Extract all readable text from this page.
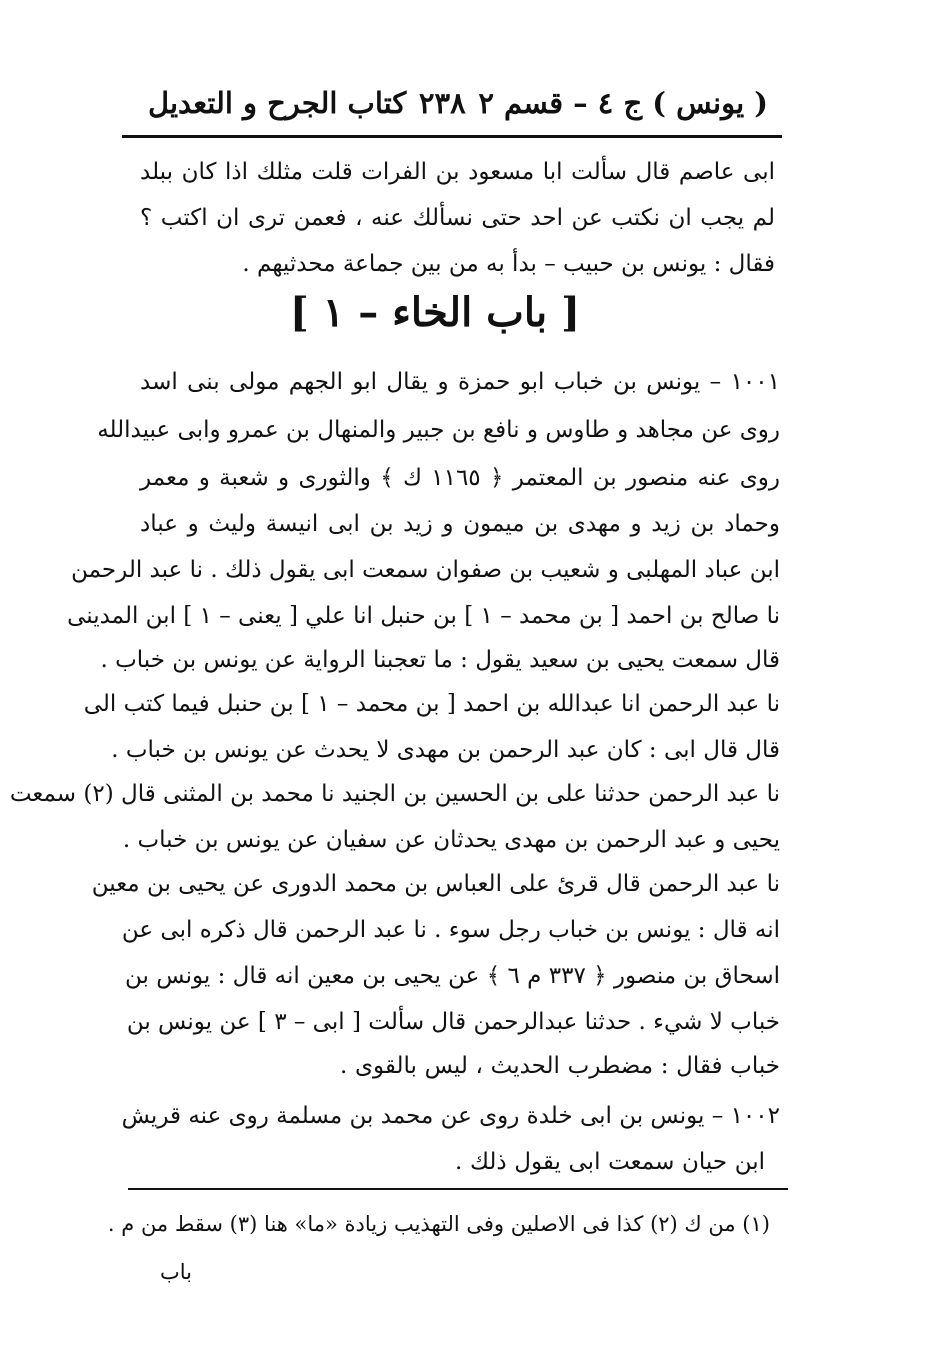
( يونس ) ج ٤ – قسم ٢
٢٣٨
كتاب الجرح و التعديل
ابى عاصم قال سألت ابا مسعود بن الفرات قلت مثلك اذا كان ببلد
لم يجب ان نكتب عن احد حتى نسألك عنه ، فعمن ترى ان اكتب ؟
فقال : يونس بن حبيب – بدأ به من بين جماعة محدثيهم .
[ باب الخاء – ١ ]
١٠٠١ – يونس بن خباب ابو حمزة و يقال ابو الجهم مولى بنى اسد
روى عن مجاهد و طاوس و نافع بن جبير والمنهال بن عمرو وابى عبيدالله
روى عنه منصور بن المعتمر ﴿ ١١٦٥ ك ﴾ والثورى و شعبة و معمر
وحماد بن زيد و مهدى بن ميمون و زيد بن ابى انيسة وليث و عباد
ابن عباد المهلبى و شعيب بن صفوان سمعت ابى يقول ذلك . نا عبد الرحمن
نا صالح بن احمد [ بن محمد – ١ ] بن حنبل انا علي [ يعنى – ١ ] ابن المدينى
قال سمعت يحيى بن سعيد يقول : ما تعجبنا الرواية عن يونس بن خباب .
نا عبد الرحمن انا عبدالله بن احمد [ بن محمد – ١ ] بن حنبل فيما كتب الى
قال قال ابى : كان عبد الرحمن بن مهدى لا يحدث عن يونس بن خباب .
نا عبد الرحمن حدثنا على بن الحسين بن الجنيد نا محمد بن المثنى قال (٢) سمعت
يحيى و عبد الرحمن بن مهدى يحدثان عن سفيان عن يونس بن خباب .
نا عبد الرحمن قال قرئ على العباس بن محمد الدورى عن يحيى بن معين
انه قال : يونس بن خباب رجل سوء . نا عبد الرحمن قال ذكره ابى عن
اسحاق بن منصور ﴿ ٣٣٧ م ٦ ﴾ عن يحيى بن معين انه قال : يونس بن
خباب لا شيء . حدثنا عبدالرحمن قال سألت [ ابى – ٣ ] عن يونس بن
خباب فقال : مضطرب الحديث ، ليس بالقوى .
١٠٠٢ – يونس بن ابى خلدة روى عن محمد بن مسلمة روى عنه قريش
ابن حيان سمعت ابى يقول ذلك .
(١) من ك (٢) كذا فى الاصلين وفى التهذيب زيادة «ما» هنا (٣) سقط من م .
باب
